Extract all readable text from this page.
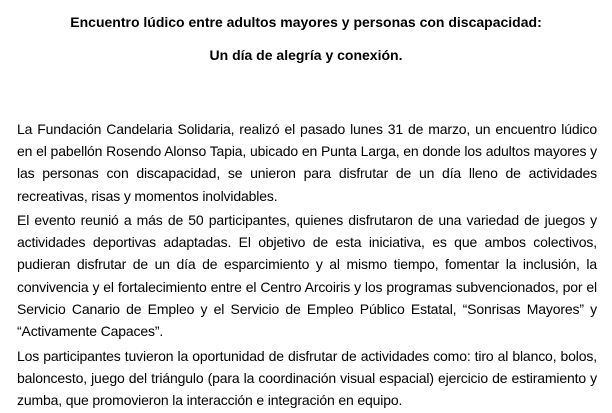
Encuentro lúdico entre adultos mayores y personas con discapacidad:

Un día de alegría y conexión.

La Fundación Candelaria Solidaria, realizó el pasado lunes 31 de marzo, un encuentro lúdico en el pabellón Rosendo Alonso Tapia, ubicado en Punta Larga, en donde los adultos mayores y las personas con discapacidad, se unieron para disfrutar de un día lleno de actividades recreativas, risas y momentos inolvidables.

El evento reunió a más de 50 participantes, quienes disfrutaron de una variedad de juegos y actividades deportivas adaptadas. El objetivo de esta iniciativa, es que ambos colectivos, pudieran disfrutar de un día de esparcimiento y al mismo tiempo, fomentar la inclusión, la convivencia y el fortalecimiento entre el Centro Arcoiris y los programas subvencionados, por el Servicio Canario de Empleo y el Servicio de Empleo Público Estatal, “Sonrisas Mayores” y “Activamente Capaces”.

Los participantes tuvieron la oportunidad de disfrutar de actividades como: tiro al blanco, bolos, baloncesto, juego del triángulo (para la coordinación visual espacial) ejercicio de estiramiento y zumba, que promovieron la interacción e integración en equipo.
